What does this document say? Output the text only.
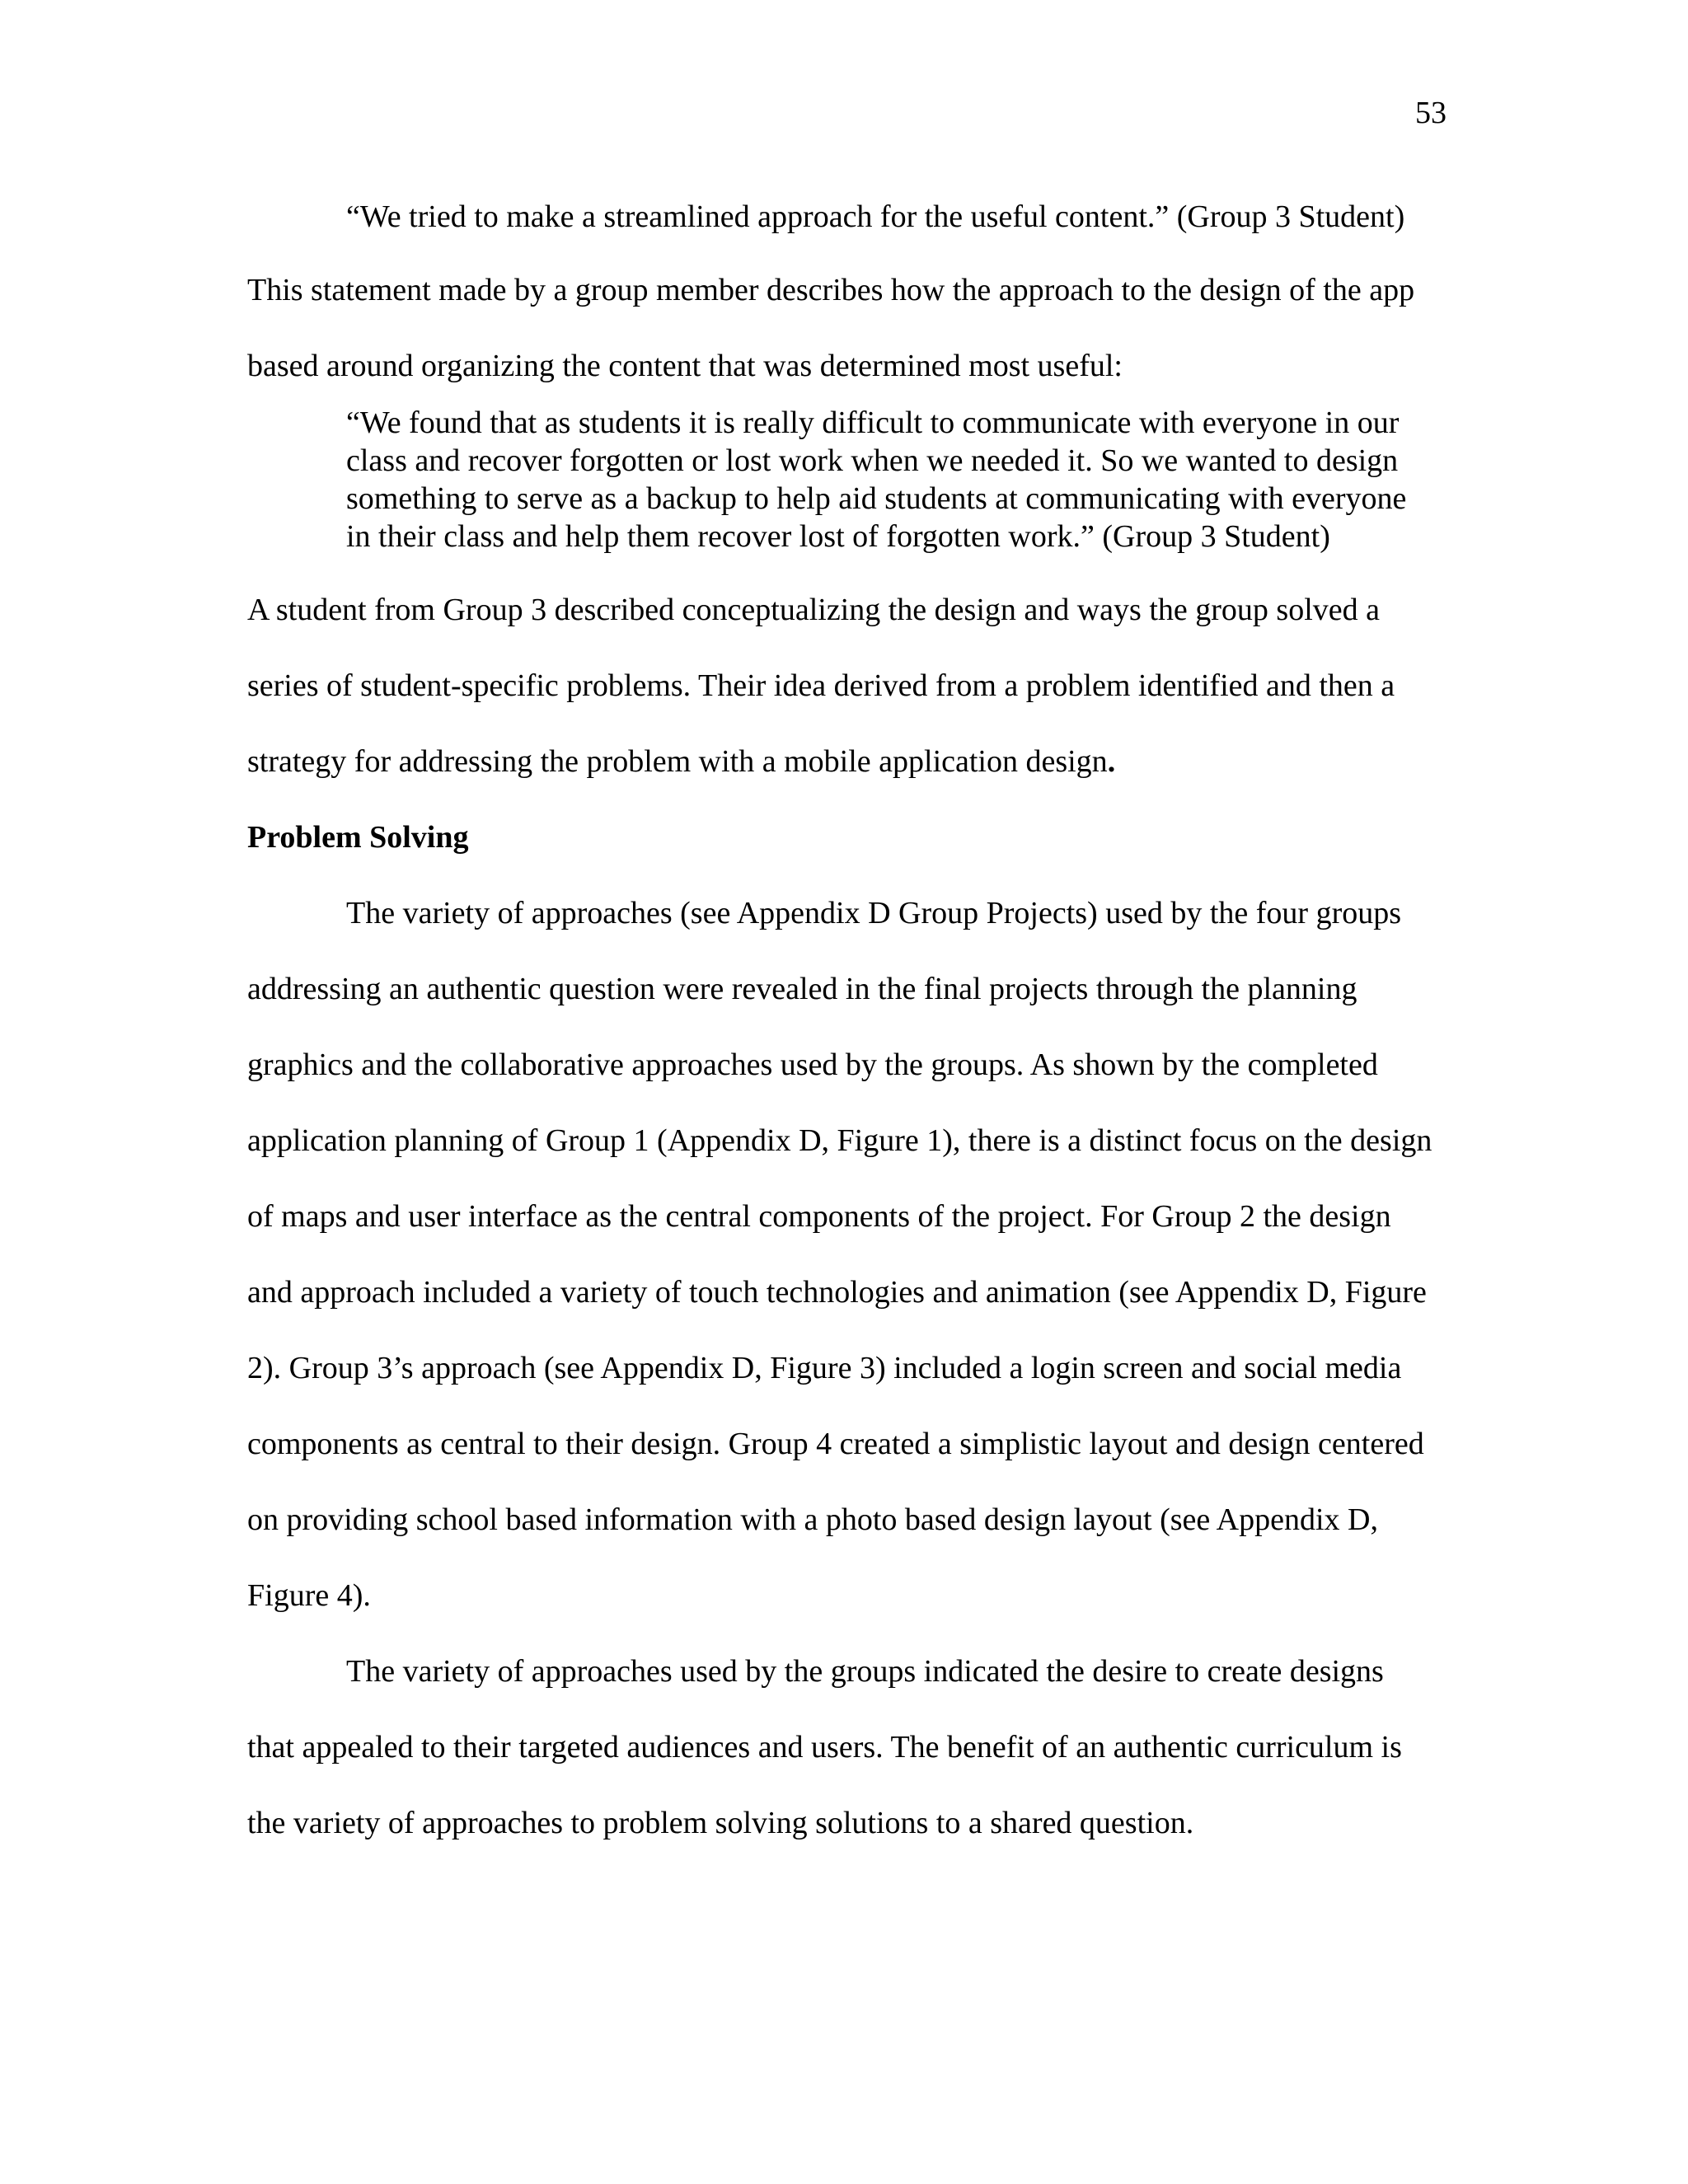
53

“We tried to make a streamlined approach for the useful content.” (Group 3 Student)

This statement made by a group member describes how the approach to the design of the app based around organizing the content that was determined most useful:

“We found that as students it is really difficult to communicate with everyone in our class and recover forgotten or lost work when we needed it. So we wanted to design something to serve as a backup to help aid students at communicating with everyone in their class and help them recover lost of forgotten work.” (Group 3 Student)

A student from Group 3 described conceptualizing the design and ways the group solved a series of student-specific problems. Their idea derived from a problem identified and then a strategy for addressing the problem with a mobile application design.

Problem Solving

The variety of approaches (see Appendix D Group Projects) used by the four groups addressing an authentic question were revealed in the final projects through the planning graphics and the collaborative approaches used by the groups. As shown by the completed application planning of Group 1 (Appendix D, Figure 1), there is a distinct focus on the design of maps and user interface as the central components of the project. For Group 2 the design and approach included a variety of touch technologies and animation (see Appendix D, Figure 2). Group 3’s approach (see Appendix D, Figure 3) included a login screen and social media components as central to their design. Group 4 created a simplistic layout and design centered on providing school based information with a photo based design layout (see Appendix D, Figure 4).

The variety of approaches used by the groups indicated the desire to create designs that appealed to their targeted audiences and users. The benefit of an authentic curriculum is the variety of approaches to problem solving solutions to a shared question.
